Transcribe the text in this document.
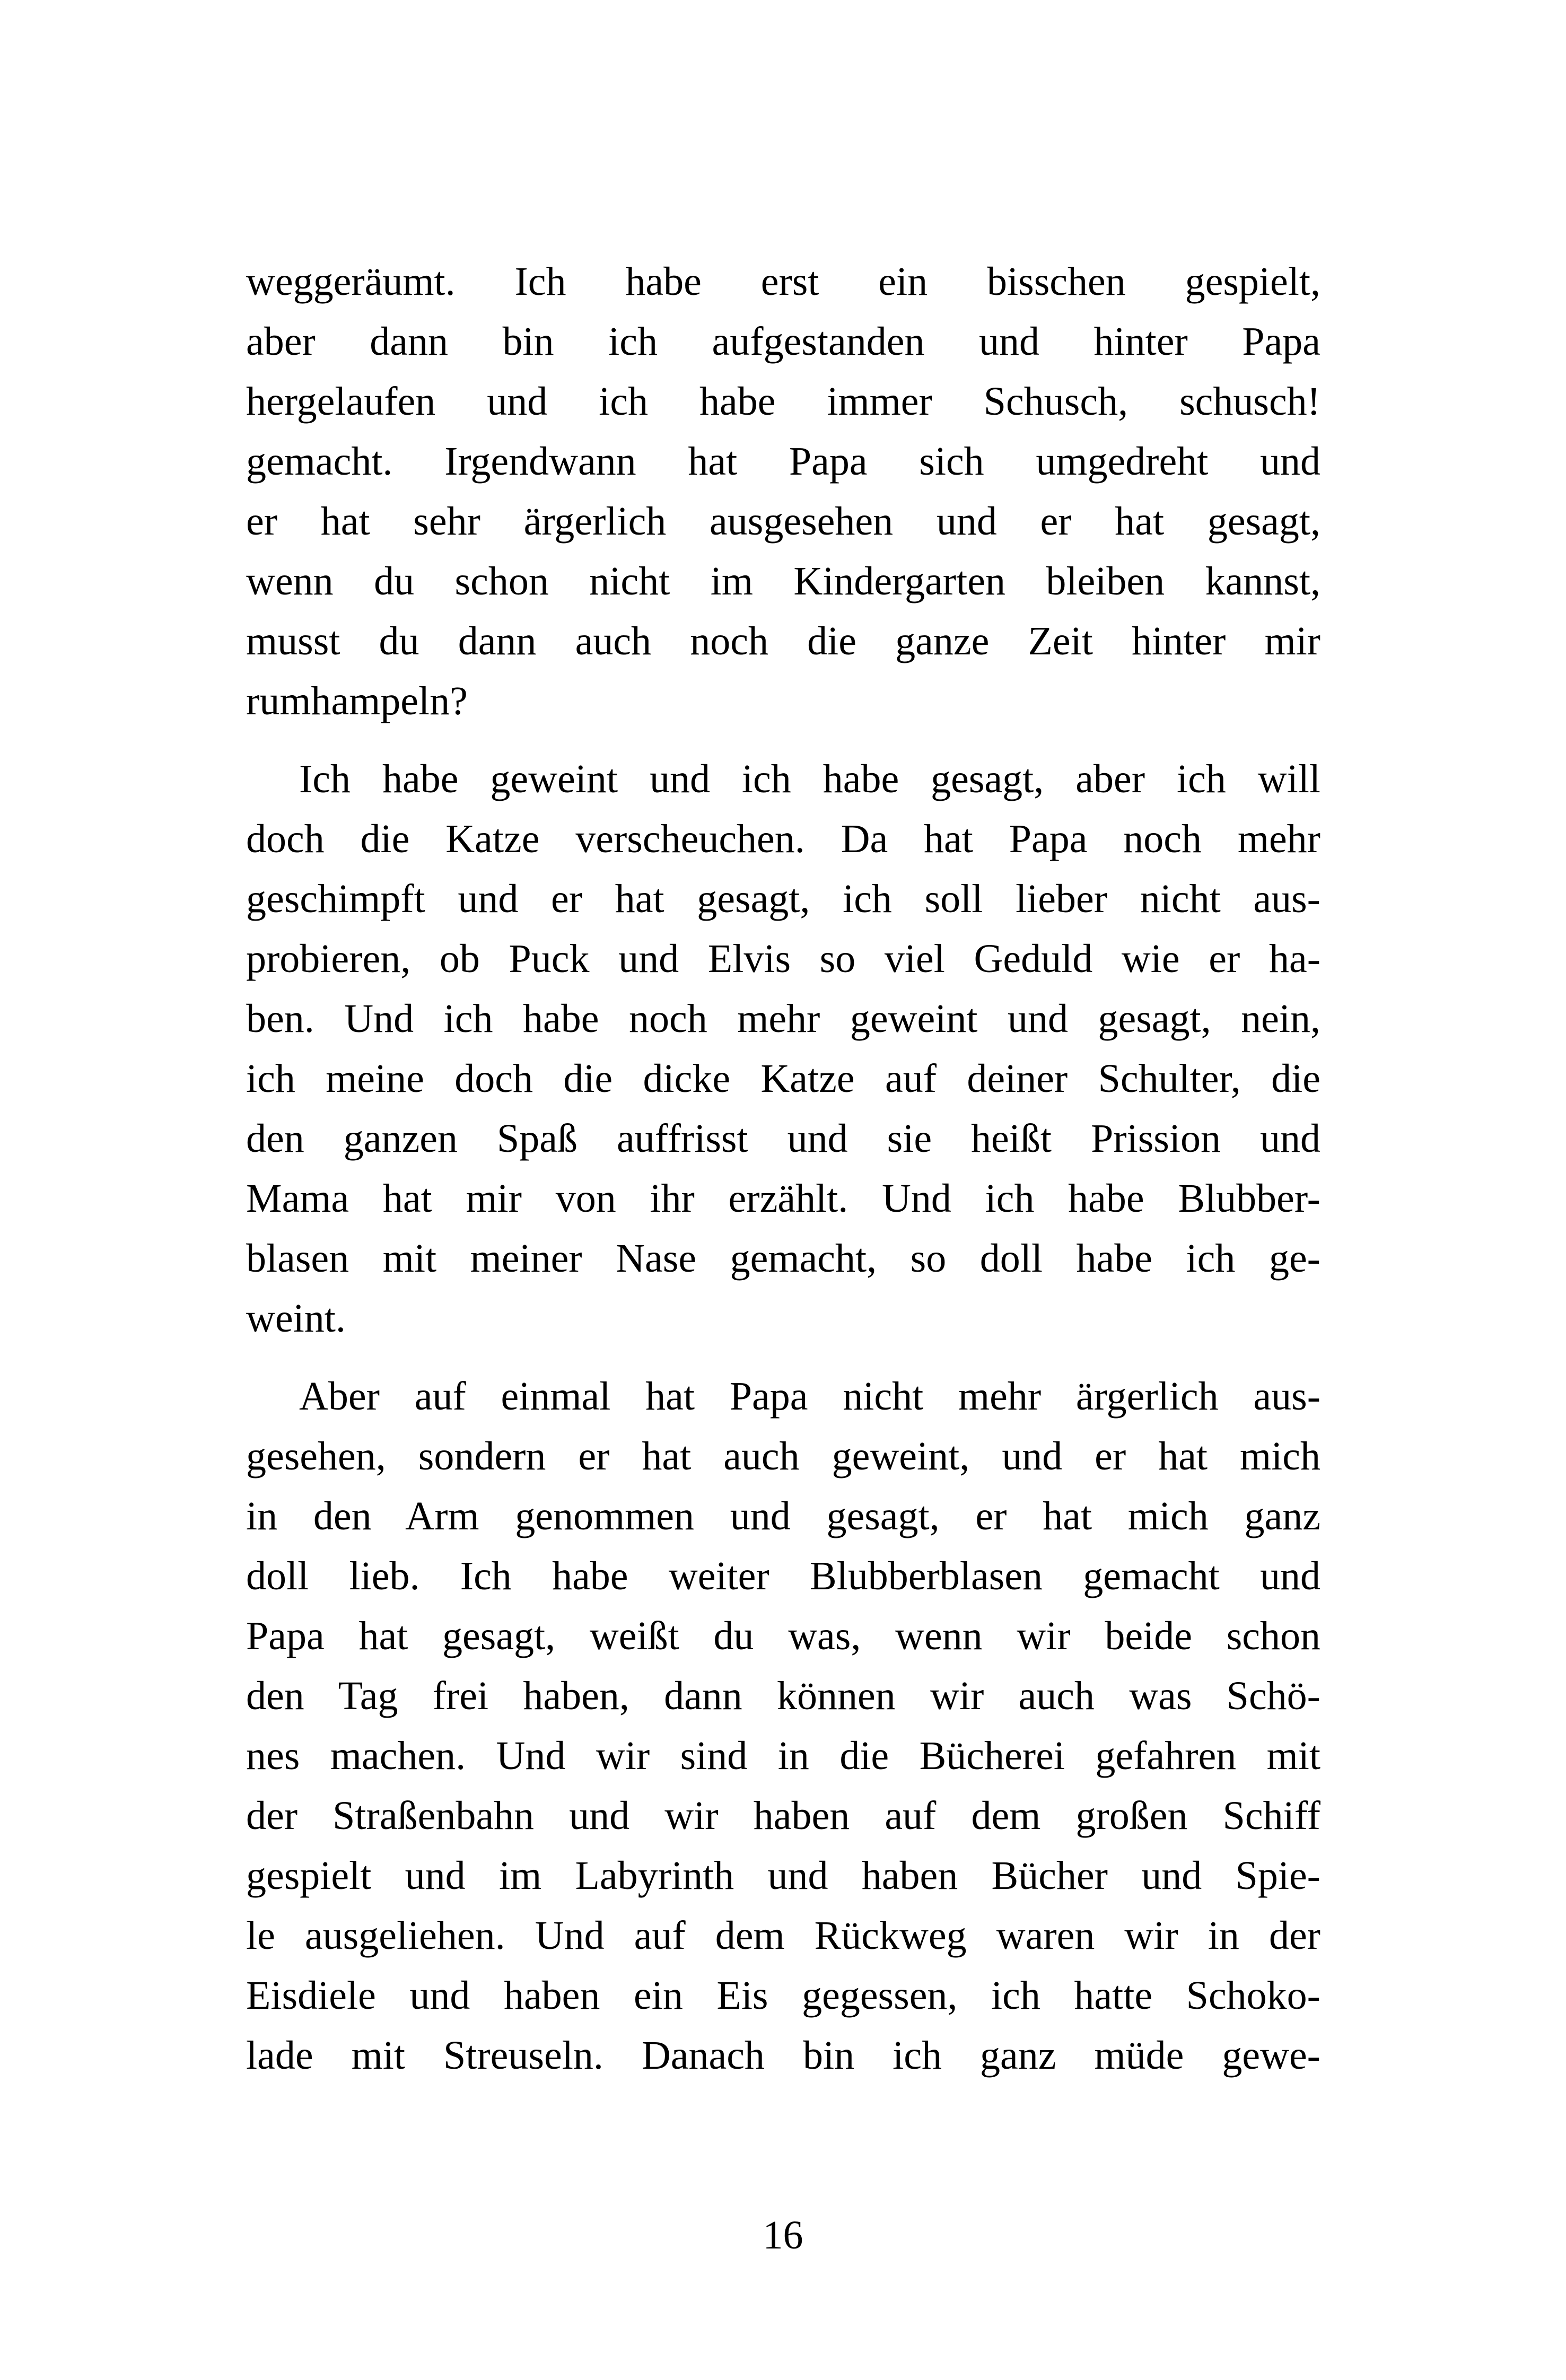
weggeräumt. Ich habe erst ein bisschen gespielt,
aber dann bin ich aufgestanden und hinter Papa
hergelaufen und ich habe immer Schusch, schusch!
gemacht. Irgendwann hat Papa sich umgedreht und
er hat sehr ärgerlich ausgesehen und er hat gesagt,
wenn du schon nicht im Kindergarten bleiben kannst,
musst du dann auch noch die ganze Zeit hinter mir
rumhampeln?
Ich habe geweint und ich habe gesagt, aber ich will
doch die Katze verscheuchen. Da hat Papa noch mehr
geschimpft und er hat gesagt, ich soll lieber nicht aus-
probieren, ob Puck und Elvis so viel Geduld wie er ha-
ben. Und ich habe noch mehr geweint und gesagt, nein,
ich meine doch die dicke Katze auf deiner Schulter, die
den ganzen Spaß auffrisst und sie heißt Prission und
Mama hat mir von ihr erzählt. Und ich habe Blubber-
blasen mit meiner Nase gemacht, so doll habe ich ge-
weint.
Aber auf einmal hat Papa nicht mehr ärgerlich aus-
gesehen, sondern er hat auch geweint, und er hat mich
in den Arm genommen und gesagt, er hat mich ganz
doll lieb. Ich habe weiter Blubberblasen gemacht und
Papa hat gesagt, weißt du was, wenn wir beide schon
den Tag frei haben, dann können wir auch was Schö-
nes machen. Und wir sind in die Bücherei gefahren mit
der Straßenbahn und wir haben auf dem großen Schiff
gespielt und im Labyrinth und haben Bücher und Spie-
le ausgeliehen. Und auf dem Rückweg waren wir in der
Eisdiele und haben ein Eis gegessen, ich hatte Schoko-
lade mit Streuseln. Danach bin ich ganz müde gewe-
16
